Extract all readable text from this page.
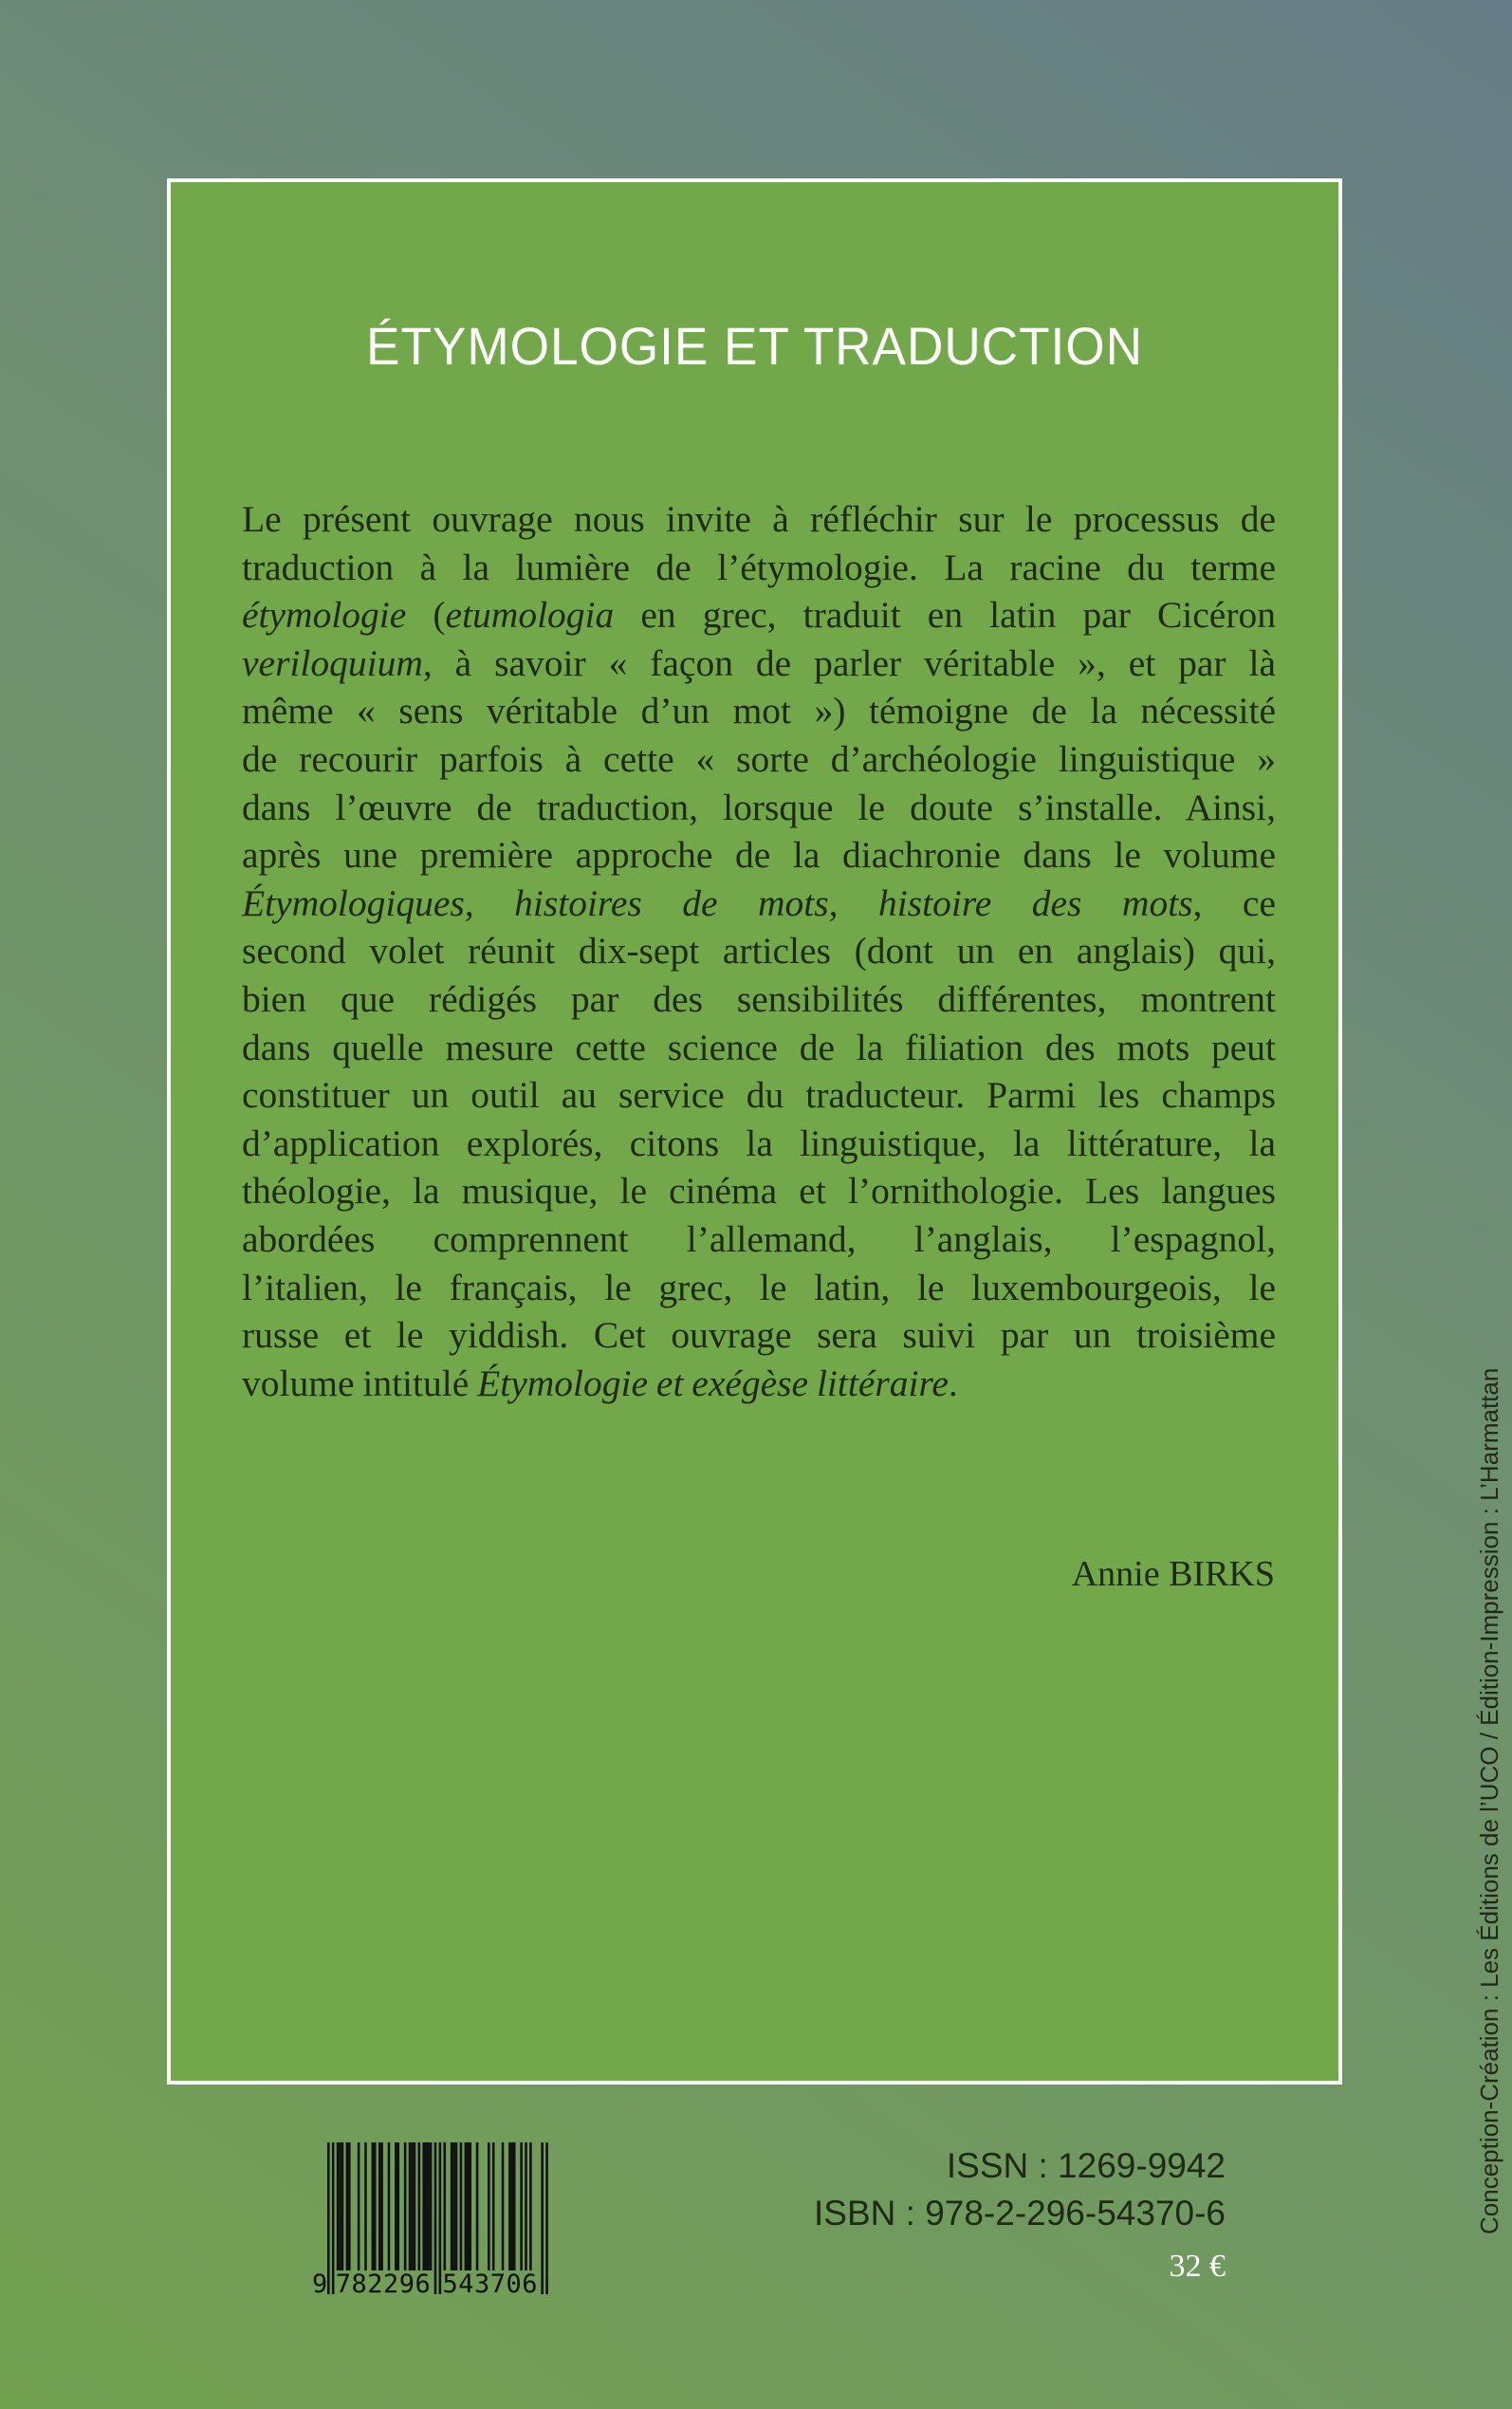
ÉTYMOLOGIE ET TRADUCTION
Le présent ouvrage nous invite à réfléchir sur le processus de
traduction à la lumière de l’étymologie. La racine du terme
étymologie (etumologia en grec, traduit en latin par Cicéron
veriloquium, à savoir « façon de parler véritable », et par là
même « sens véritable d’un mot ») témoigne de la nécessité
de recourir parfois à cette « sorte d’archéologie linguistique »
dans l’œuvre de traduction, lorsque le doute s’installe. Ainsi,
après une première approche de la diachronie dans le volume
Étymologiques, histoires de mots, histoire des mots, ce
second volet réunit dix-sept articles (dont un en anglais) qui,
bien que rédigés par des sensibilités différentes, montrent
dans quelle mesure cette science de la filiation des mots peut
constituer un outil au service du traducteur. Parmi les champs
d’application explorés, citons la linguistique, la littérature, la
théologie, la musique, le cinéma et l’ornithologie. Les langues
abordées comprennent l’allemand, l’anglais, l’espagnol,
l’italien, le français, le grec, le latin, le luxembourgeois, le
russe et le yiddish. Cet ouvrage sera suivi par un troisième
volume intitulé Étymologie et exégèse littéraire.
Annie BIRKS
9 782296 543706
ISSN : 1269-9942
ISBN : 978-2-296-54370-6
32 €
Conception-Création : Les Éditions de l’UCO / Édition-Impression : L’Harmattan
